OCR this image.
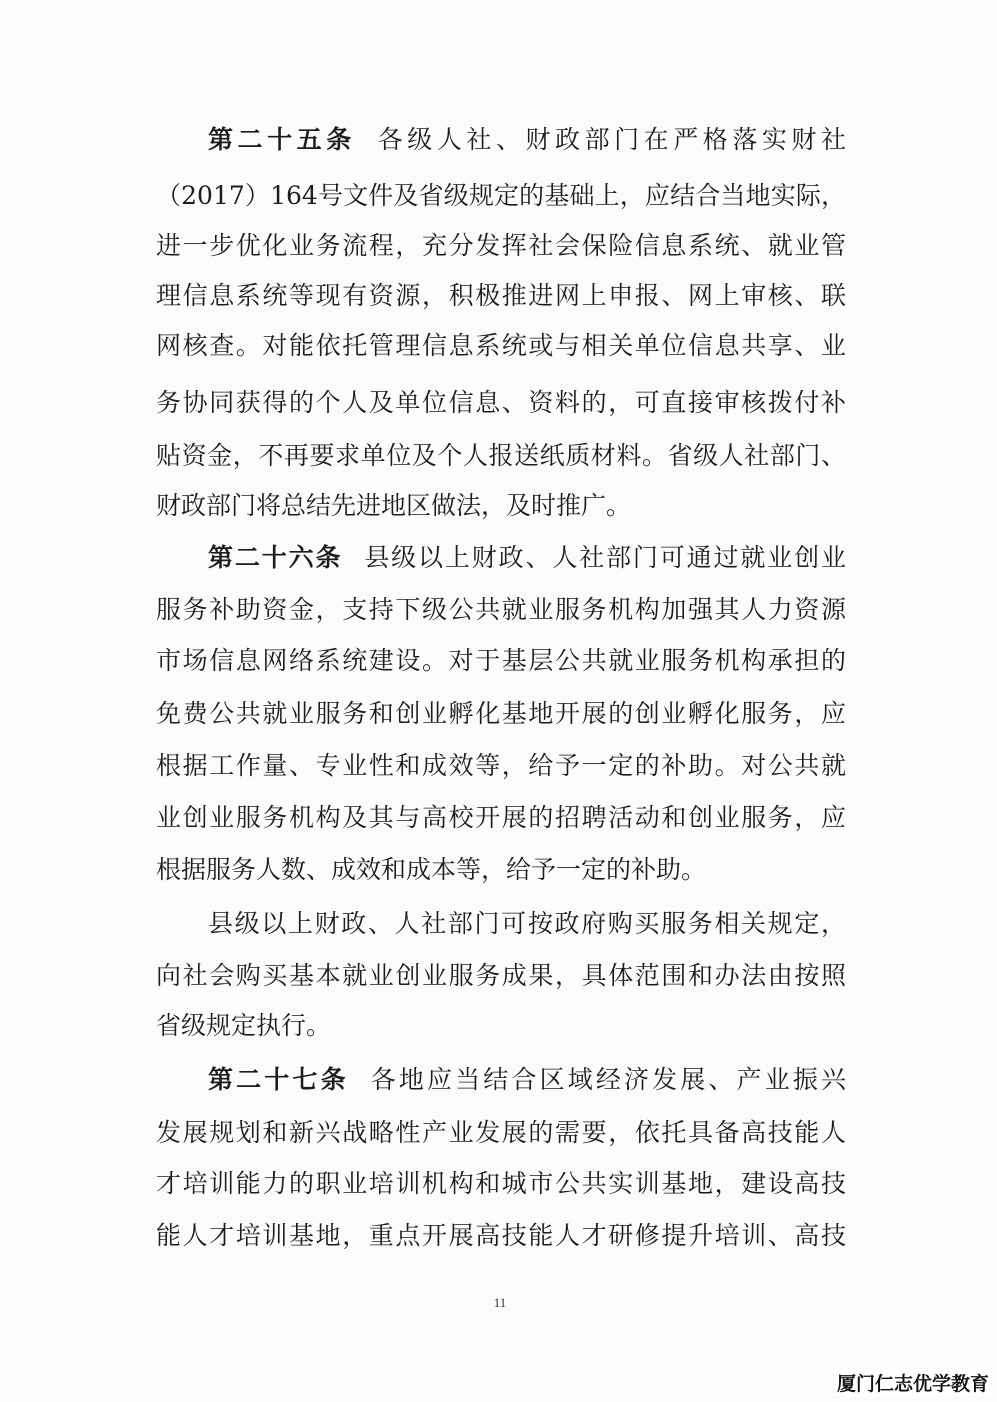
第二十五条 各级人社、财政部门在严格落实财社
（2017）164号文件及省级规定的基础上，应结合当地实际，
进一步优化业务流程，充分发挥社会保险信息系统、就业管
理信息系统等现有资源，积极推进网上申报、网上审核、联
网核查。对能依托管理信息系统或与相关单位信息共享、业
务协同获得的个人及单位信息、资料的，可直接审核拨付补
贴资金，不再要求单位及个人报送纸质材料。省级人社部门、
财政部门将总结先进地区做法，及时推广。
第二十六条 县级以上财政、人社部门可通过就业创业
服务补助资金，支持下级公共就业服务机构加强其人力资源
市场信息网络系统建设。对于基层公共就业服务机构承担的
免费公共就业服务和创业孵化基地开展的创业孵化服务，应
根据工作量、专业性和成效等，给予一定的补助。对公共就
业创业服务机构及其与高校开展的招聘活动和创业服务，应
根据服务人数、成效和成本等，给予一定的补助。
县级以上财政、人社部门可按政府购买服务相关规定，
向社会购买基本就业创业服务成果，具体范围和办法由按照
省级规定执行。
第二十七条 各地应当结合区域经济发展、产业振兴
发展规划和新兴战略性产业发展的需要，依托具备高技能人
才培训能力的职业培训机构和城市公共实训基地，建设高技
能人才培训基地，重点开展高技能人才研修提升培训、高技
11
厦门仁志优学教育
